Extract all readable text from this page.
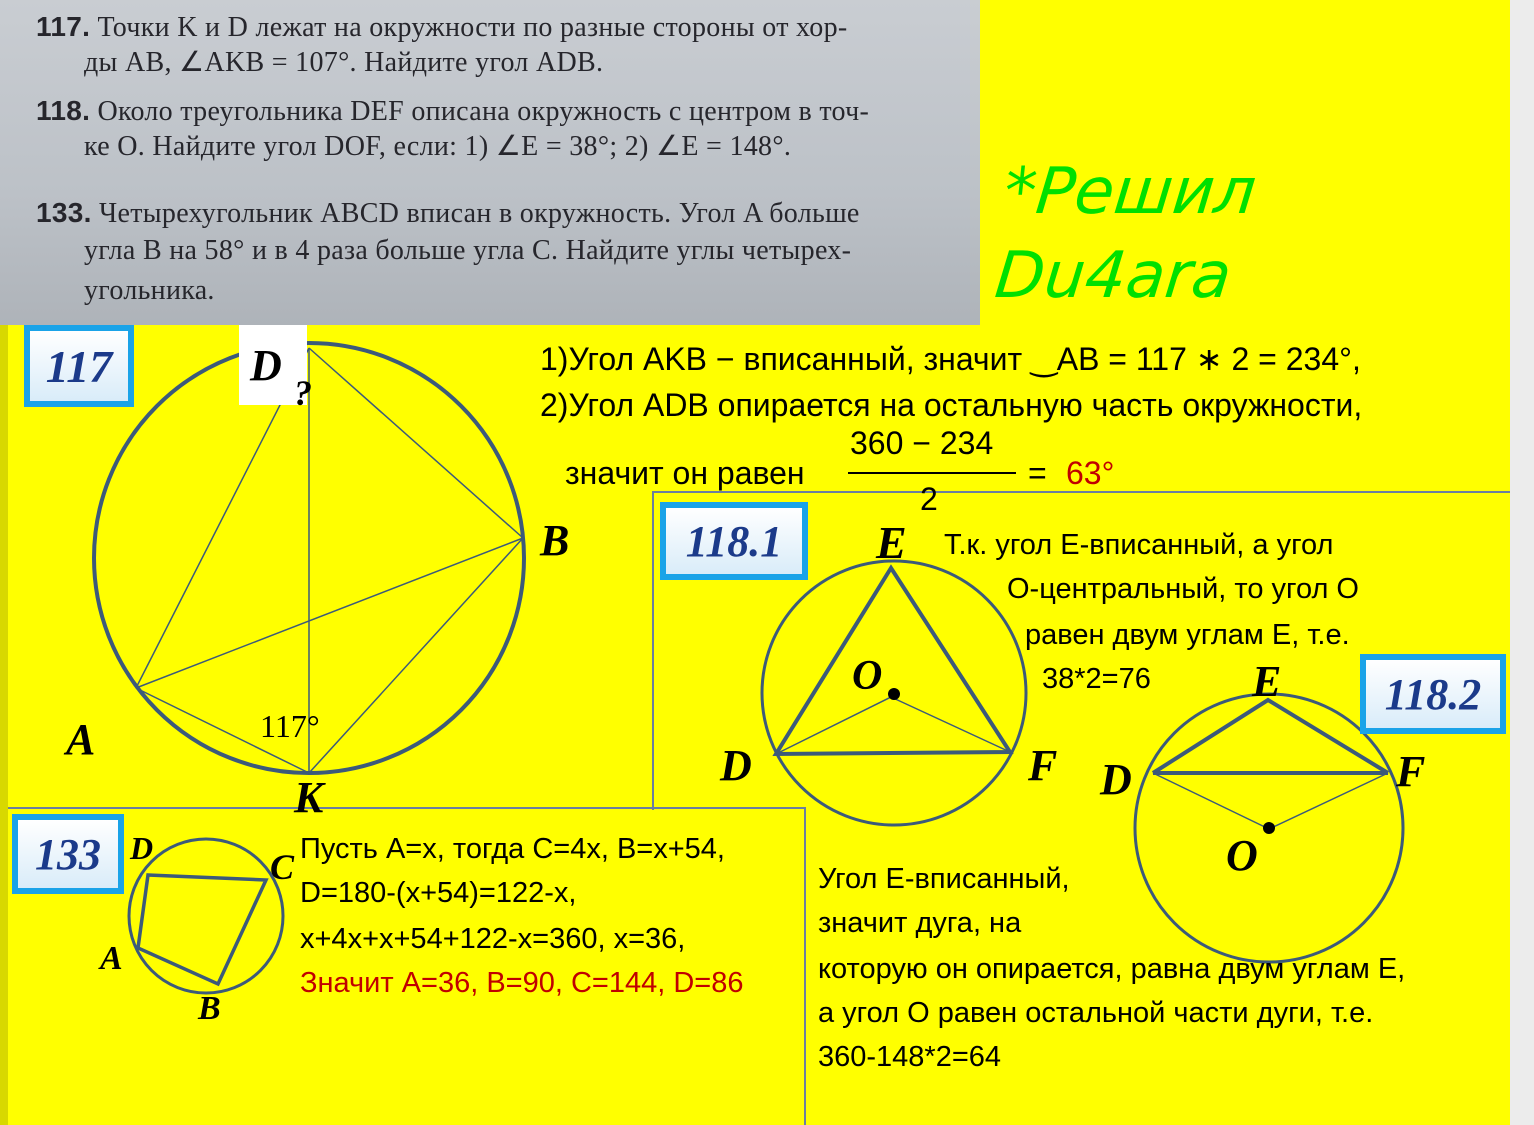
117. Точки K и D лежат на окружности по разные стороны от хор-

ды AB, ∠AKB = 107°. Найдите угол ADB.

118. Около треугольника DEF описана окружность с центром в точ-

ке O. Найдите угол DOF, если: 1) ∠E = 38°; 2) ∠E = 148°.

133. Четырехугольник ABCD вписан в окружность. Угол A больше

угла B на 58° и в 4 раза больше угла C. Найдите углы четырех-

угольника.

*Решил
Du4ara
117	D
?
B
A
K
117°
1)Угол AKB − вписанный, значит ‿AB = 117 ∗ 2 = 234°,
2)Угол ADB опирается на остальную часть окружности,
значит он равен
360 − 234
2
= 63°
118.1 E
O
D	F
Т.к. угол Е-вписанный, а угол
О-центральный, то угол О
равен двум углам Е, т.е.
38*2=76	118.2
E
D	F
O
Угол Е-вписанный,
значит дуга, на
которую он опирается, равна двум углам Е,
а угол О равен остальной части дуги, т.е.
360-148*2=64
133 D	C
A
B
Пусть A=x, тогда C=4x, B=x+54,
D=180-(x+54)=122-x,
x+4x+x+54+122-x=360, x=36,
Значит A=36, B=90, C=144, D=86
